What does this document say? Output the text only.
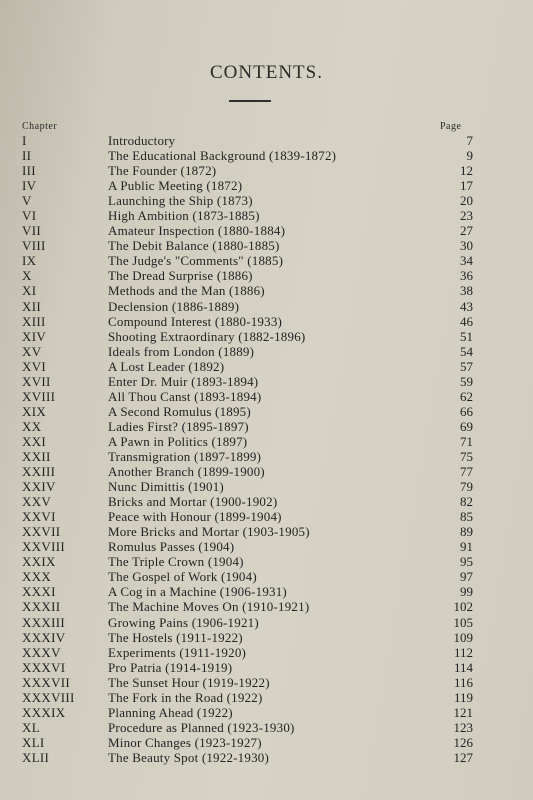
CONTENTS.
Chapter	Page
I	Introductory	7
II	The Educational Background (1839-1872)	9
III	The Founder (1872)	12
IV	A Public Meeting (1872)	17
V	Launching the Ship (1873)	20
VI	High Ambition (1873-1885)	23
VII	Amateur Inspection (1880-1884)	27
VIII	The Debit Balance (1880-1885)	30
IX	The Judge's "Comments" (1885)	34
X	The Dread Surprise (1886)	36
XI	Methods and the Man (1886)	38
XII	Declension (1886-1889)	43
XIII	Compound Interest (1880-1933)	46
XIV	Shooting Extraordinary (1882-1896)	51
XV	Ideals from London (1889)	54
XVI	A Lost Leader (1892)	57
XVII	Enter Dr. Muir (1893-1894)	59
XVIII	All Thou Canst (1893-1894)	62
XIX	A Second Romulus (1895)	66
XX	Ladies First? (1895-1897)	69
XXI	A Pawn in Politics (1897)	71
XXII	Transmigration (1897-1899)	75
XXIII	Another Branch (1899-1900)	77
XXIV	Nunc Dimittis (1901)	79
XXV	Bricks and Mortar (1900-1902)	82
XXVI	Peace with Honour (1899-1904)	85
XXVII	More Bricks and Mortar (1903-1905)	89
XXVIII	Romulus Passes (1904)	91
XXIX	The Triple Crown (1904)	95
XXX	The Gospel of Work (1904)	97
XXXI	A Cog in a Machine (1906-1931)	99
XXXII	The Machine Moves On (1910-1921)	102
XXXIII	Growing Pains (1906-1921)	105
XXXIV	The Hostels (1911-1922)	109
XXXV	Experiments (1911-1920)	112
XXXVI	Pro Patria (1914-1919)	114
XXXVII	The Sunset Hour (1919-1922)	116
XXXVIII	The Fork in the Road (1922)	119
XXXIX	Planning Ahead (1922)	121
XL	Procedure as Planned (1923-1930)	123
XLI	Minor Changes (1923-1927)	126
XLII	The Beauty Spot (1922-1930)	127
